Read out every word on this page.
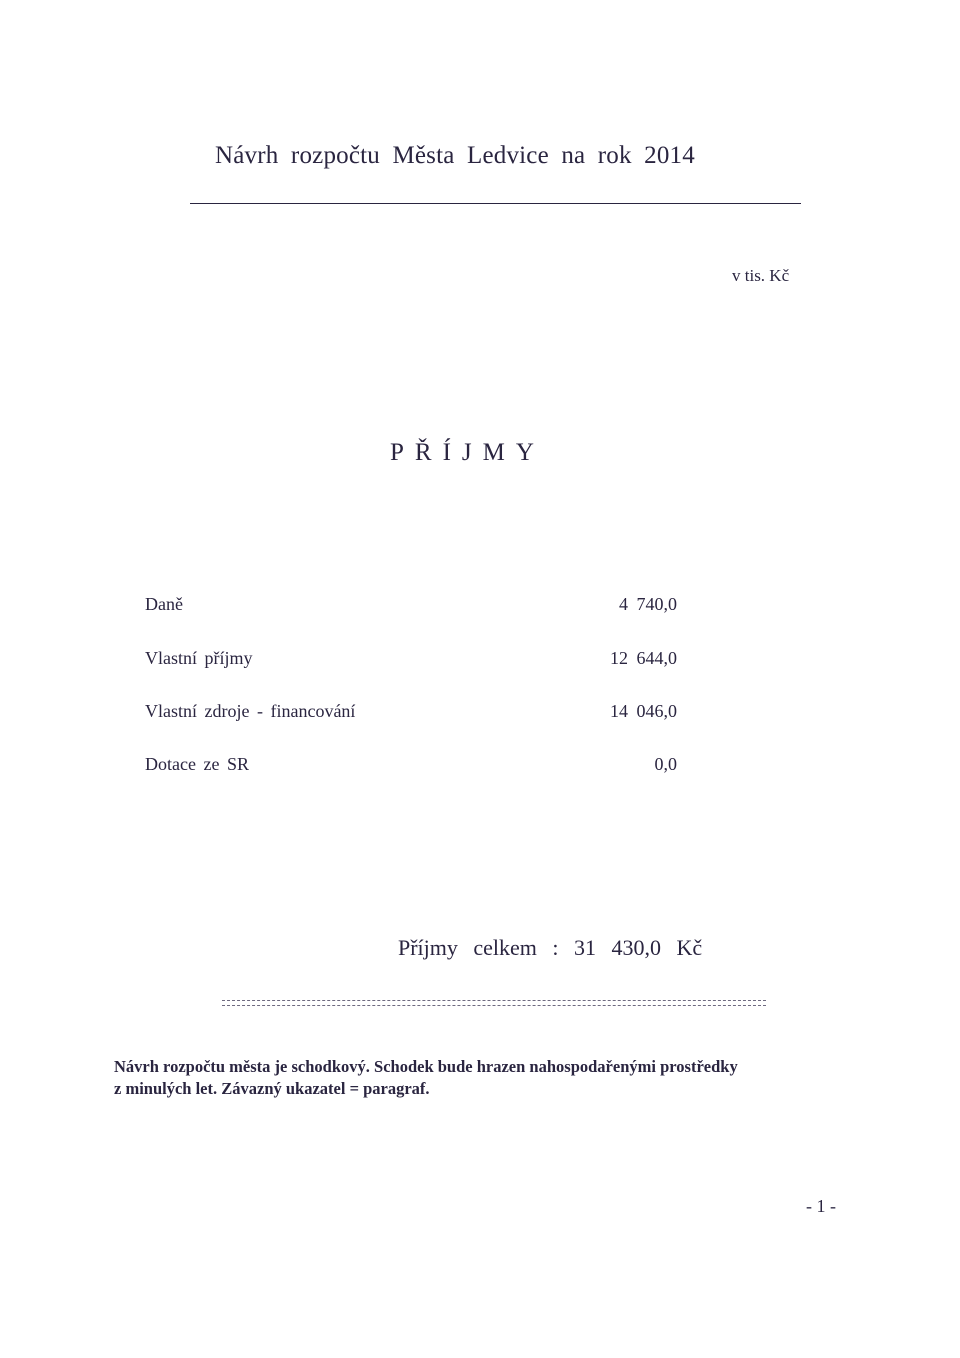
Návrh rozpočtu Města Ledvice na rok 2014
v tis. Kč
PŘÍJMY
Daně	4 740,0
Vlastní příjmy	12 644,0
Vlastní zdroje - financování	14 046,0
Dotace ze SR	0,0
Příjmy celkem : 31 430,0 Kč
Návrh rozpočtu města je schodkový. Schodek bude hrazen nahospodařenými prostředky
z minulých let. Závazný ukazatel = paragraf.
- 1 -
